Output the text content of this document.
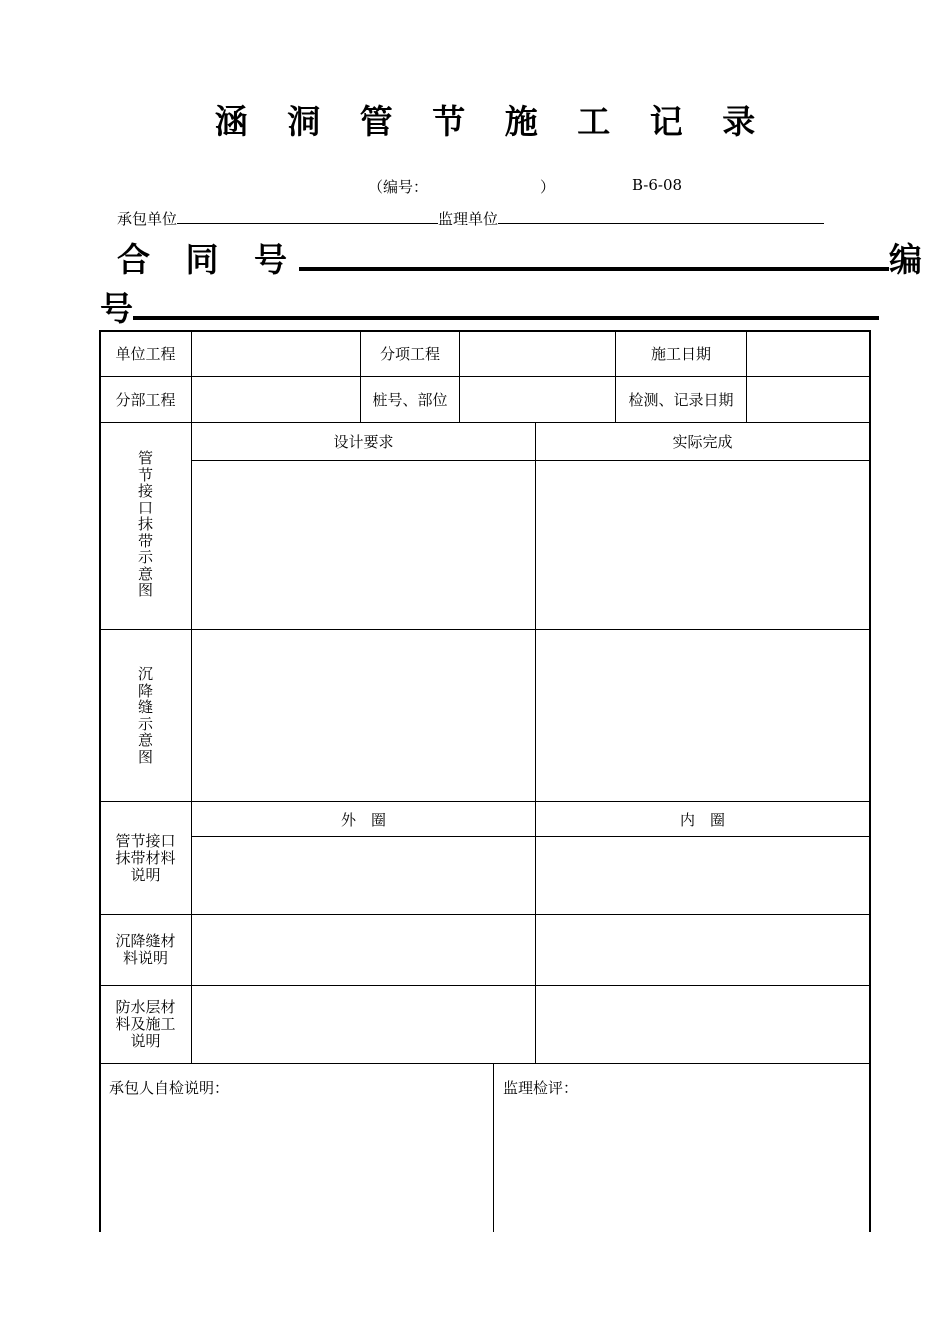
涵 洞 管 节 施 工 记 录
（编号：	）	B-6-08
承包单位	监理单位
合 同 号	编
号
单位工程	分项工程	施工日期
分部工程	桩号、部位	检测、记录日期
设计要求	实际完成
管
节
接
口
抹
带
示
意
图
沉
降
缝
示
意
图
外　圈	内　圈
管节接口
抹带材料
说明
沉降缝材
料说明
防水层材
料及施工
说明
承包人自检说明：	监理检评：
